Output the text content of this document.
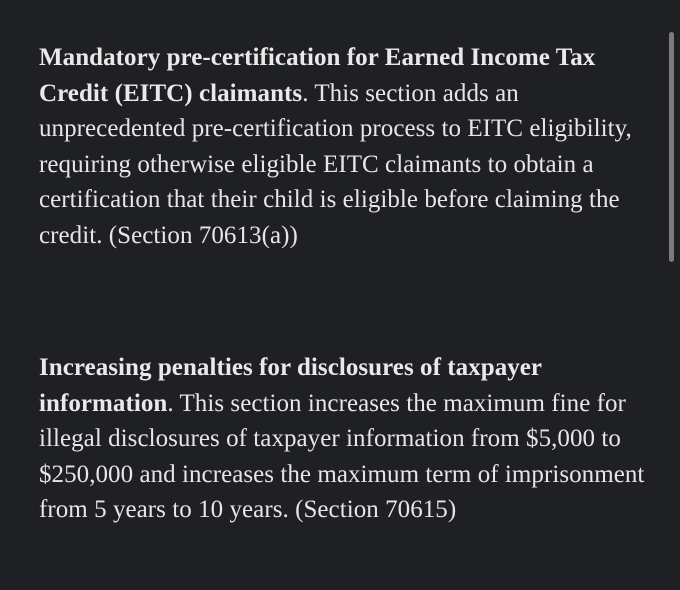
Mandatory pre-certification for Earned Income Tax Credit (EITC) claimants. This section adds an unprecedented pre-certification process to EITC eligibility, requiring otherwise eligible EITC claimants to obtain a certification that their child is eligible before claiming the credit. (Section 70613(a))

Increasing penalties for disclosures of taxpayer information. This section increases the maximum fine for illegal disclosures of taxpayer information from $5,000 to $250,000 and increases the maximum term of imprisonment from 5 years to 10 years. (Section 70615)
